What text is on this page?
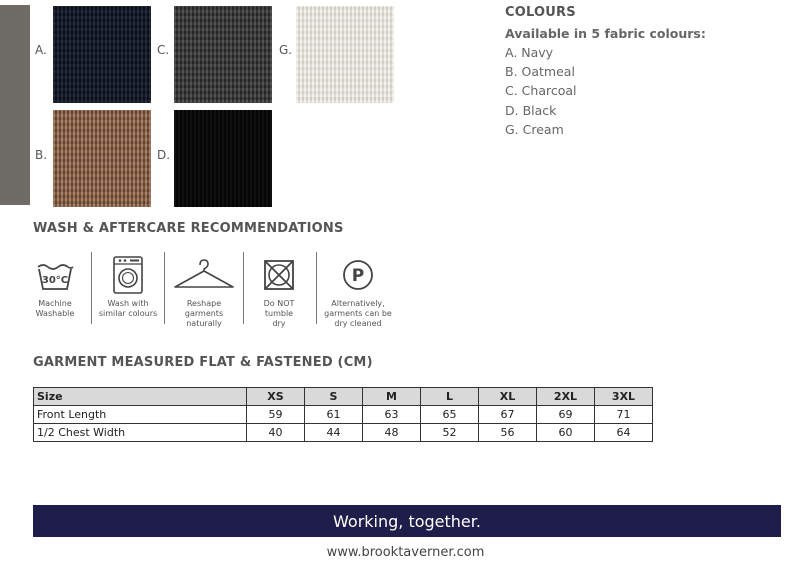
A.	C.	G.
B.	D.
COLOURS
Available in 5 fabric colours:
A. Navy
B. Oatmeal
C. Charcoal
D. Black
G. Cream
WASH & AFTERCARE RECOMMENDATIONS
30°C
Machine Washable
Wash with similar colours
Reshape garments naturally
Do NOT tumble dry
P
Alternatively, garments can be dry cleaned
GARMENT MEASURED FLAT & FASTENED (CM)
Size	XS	S	M	L	XL	2XL	3XL
Front Length	59	61	63	65	67	69	71
1/2 Chest Width	40	44	48	52	56	60	64
Working, together.
www.brooktaverner.com
